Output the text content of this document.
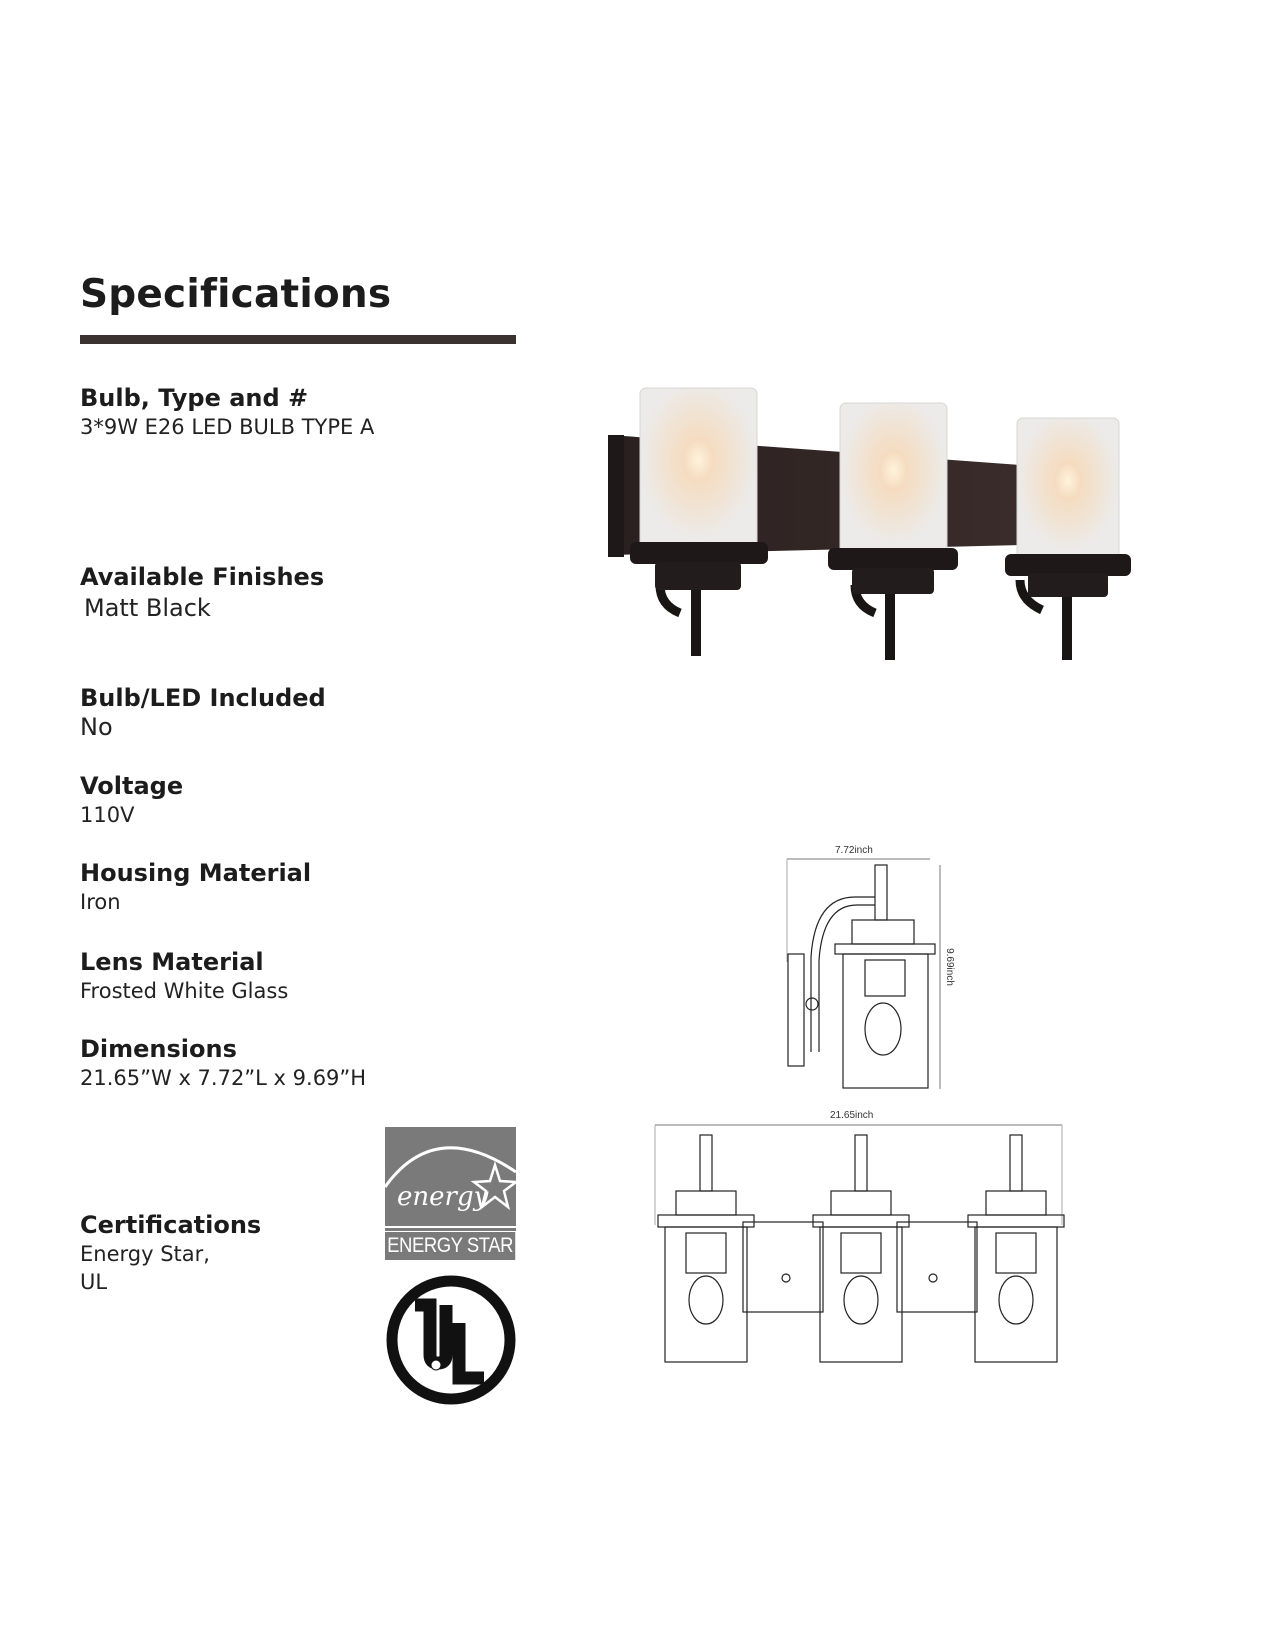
Specifications
Bulb, Type and #
3*9W E26 LED BULB TYPE A
Available Finishes
Matt Black
Bulb/LED Included
No
Voltage
110V
Housing Material
Iron
Lens Material
Frosted White Glass
Dimensions
21.65”W x 7.72”L x 9.69”H
Certifications
Energy Star,
UL
7.72inch
9.69inch
21.65inch
energy
ENERGY STAR
UL
